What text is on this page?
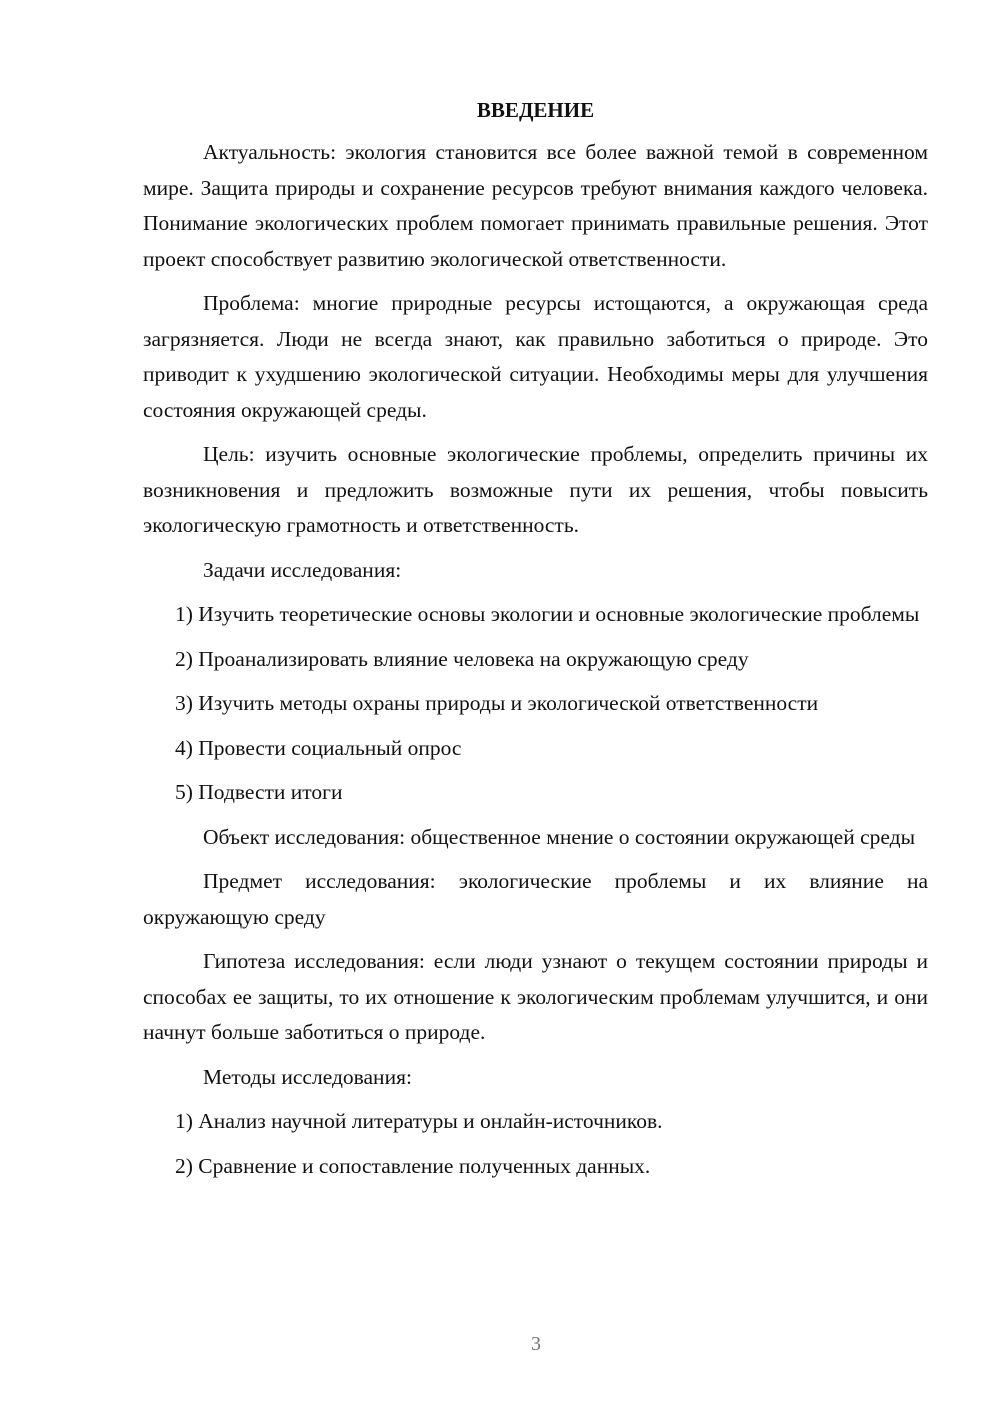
ВВЕДЕНИЕ

Актуальность: экология становится все более важной темой в современном мире. Защита природы и сохранение ресурсов требуют внимания каждого человека. Понимание экологических проблем помогает принимать правильные решения. Этот проект способствует развитию экологической ответственности.

Проблема: многие природные ресурсы истощаются, а окружающая среда загрязняется. Люди не всегда знают, как правильно заботиться о природе. Это приводит к ухудшению экологической ситуации. Необходимы меры для улучшения состояния окружающей среды.

Цель: изучить основные экологические проблемы, определить причины их возникновения и предложить возможные пути их решения, чтобы повысить экологическую грамотность и ответственность.

Задачи исследования:

1) Изучить теоретические основы экологии и основные экологические проблемы

2) Проанализировать влияние человека на окружающую среду

3) Изучить методы охраны природы и экологической ответственности

4) Провести социальный опрос

5) Подвести итоги

Объект исследования: общественное мнение о состоянии окружающей среды

Предмет исследования: экологические проблемы и их влияние на окружающую среду

Гипотеза исследования: если люди узнают о текущем состоянии природы и способах ее защиты, то их отношение к экологическим проблемам улучшится, и они начнут больше заботиться о природе.

Методы исследования:

1) Анализ научной литературы и онлайн-источников.

2) Сравнение и сопоставление полученных данных.

3
